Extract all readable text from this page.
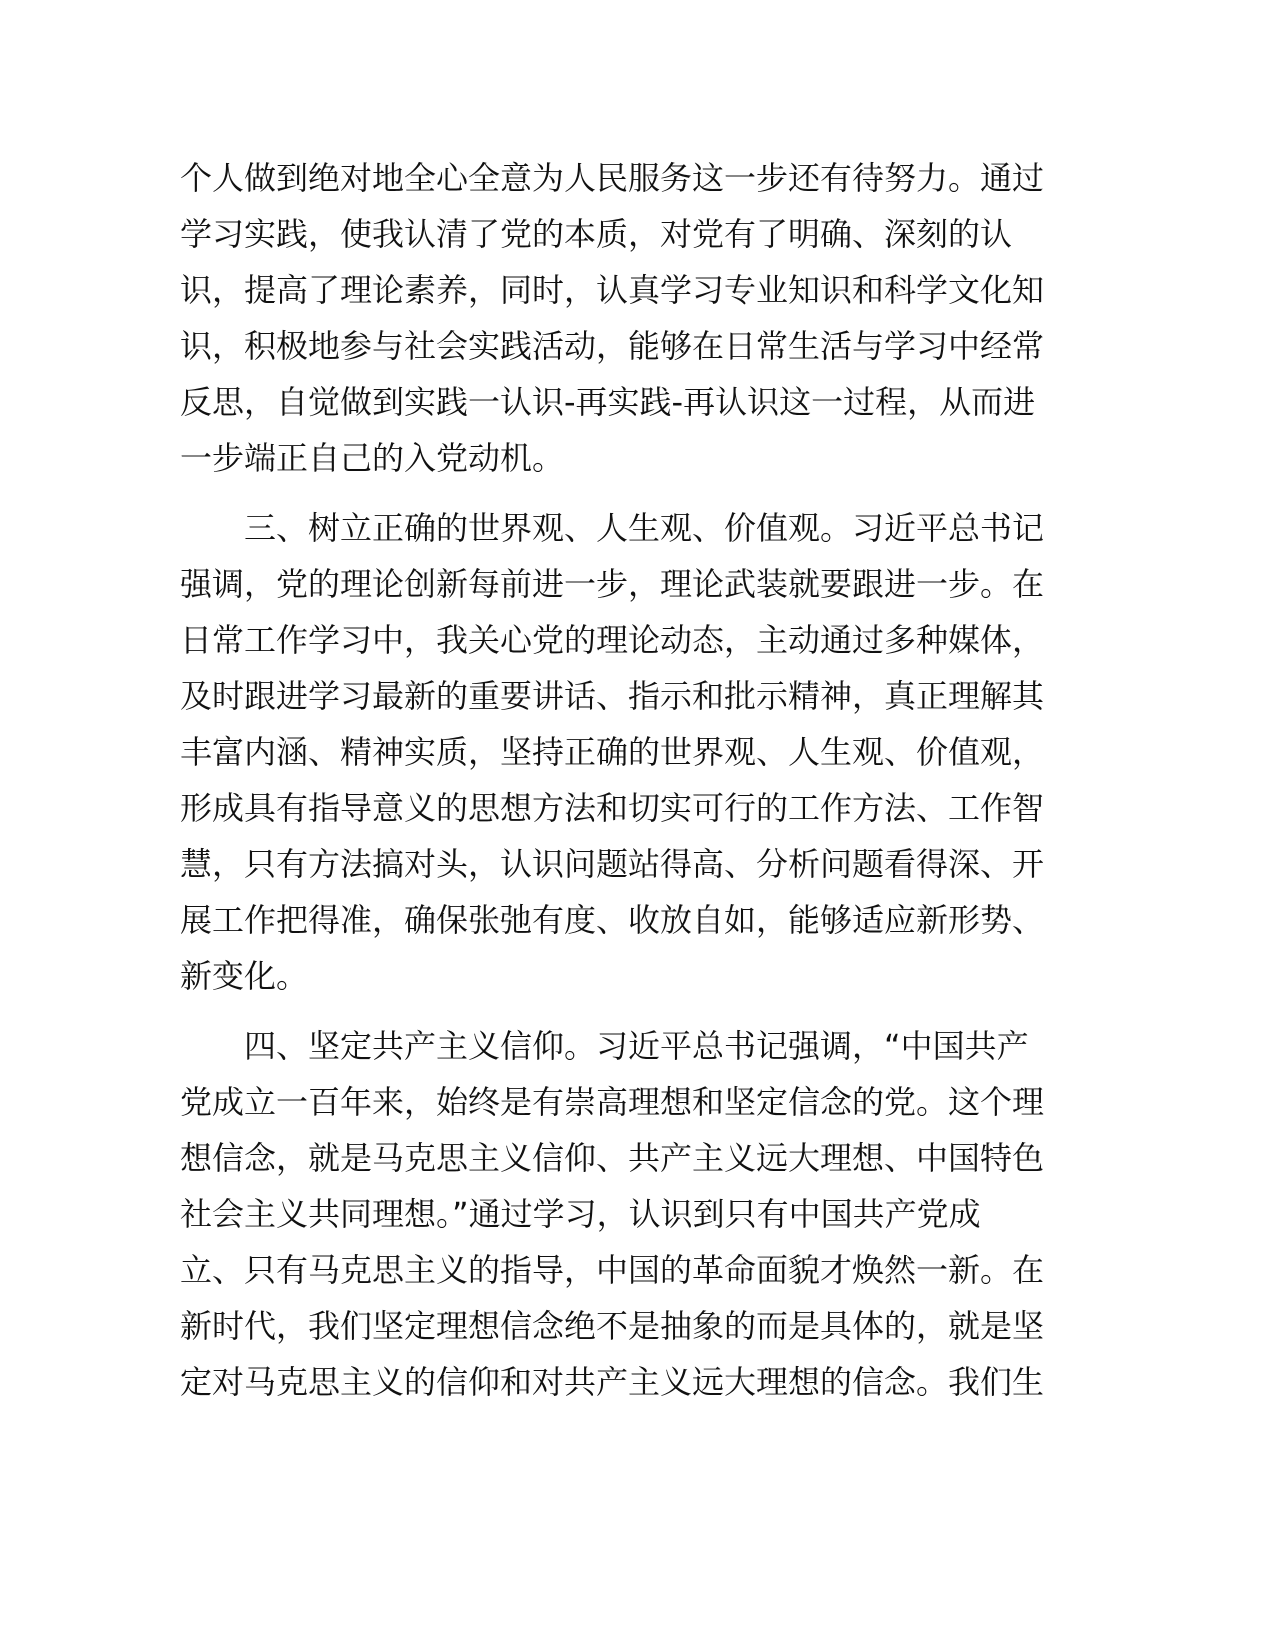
个人做到绝对地全心全意为人民服务这一步还有待努力。通过
学习实践，使我认清了党的本质，对党有了明确、深刻的认
识，提高了理论素养，同时，认真学习专业知识和科学文化知
识，积极地参与社会实践活动，能够在日常生活与学习中经常
反思，自觉做到实践一认识-再实践-再认识这一过程，从而进
一步端正自己的入党动机。
三、树立正确的世界观、人生观、价值观。习近平总书记
强调，党的理论创新每前进一步，理论武装就要跟进一步。在
日常工作学习中，我关心党的理论动态，主动通过多种媒体，
及时跟进学习最新的重要讲话、指示和批示精神，真正理解其
丰富内涵、精神实质，坚持正确的世界观、人生观、价值观，
形成具有指导意义的思想方法和切实可行的工作方法、工作智
慧，只有方法搞对头，认识问题站得高、分析问题看得深、开
展工作把得准，确保张弛有度、收放自如，能够适应新形势、
新变化。
四、坚定共产主义信仰。习近平总书记强调，“中国共产
党成立一百年来，始终是有崇高理想和坚定信念的党。这个理
想信念，就是马克思主义信仰、共产主义远大理想、中国特色
社会主义共同理想。”通过学习，认识到只有中国共产党成
立、只有马克思主义的指导，中国的革命面貌才焕然一新。在
新时代，我们坚定理想信念绝不是抽象的而是具体的，就是坚
定对马克思主义的信仰和对共产主义远大理想的信念。我们生
